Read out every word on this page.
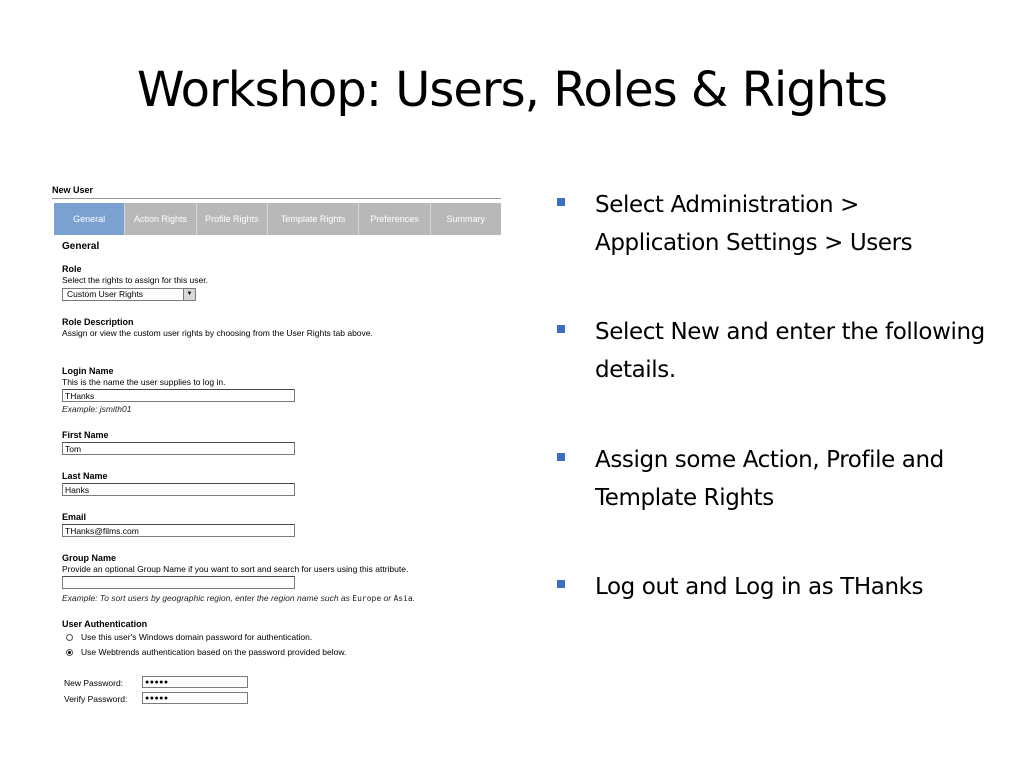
Workshop: Users, Roles & Rights
New User
General	Action Rights	Profile Rights	Template Rights	Preferences	Summary
General
Role
Select the rights to assign for this user.
Custom User Rights	▼
Role Description
Assign or view the custom user rights by choosing from the User Rights tab above.
Login Name
This is the name the user supplies to log in.
THanks
Example: jsmith01
First Name
Tom
Last Name
Hanks
Email
THanks@films.com
Group Name
Provide an optional Group Name if you want to sort and search for users using this attribute.
Example: To sort users by geographic region, enter the region name such as Europe or Asia.
User Authentication
Use this user's Windows domain password for authentication.
Use Webtrends authentication based on the password provided below.
New Password:	●●●●●
Verify Password:	●●●●●
Select Administration > Application Settings > Users
Select New and enter the following details.
Assign some Action, Profile and Template Rights
Log out and Log in as THanks
